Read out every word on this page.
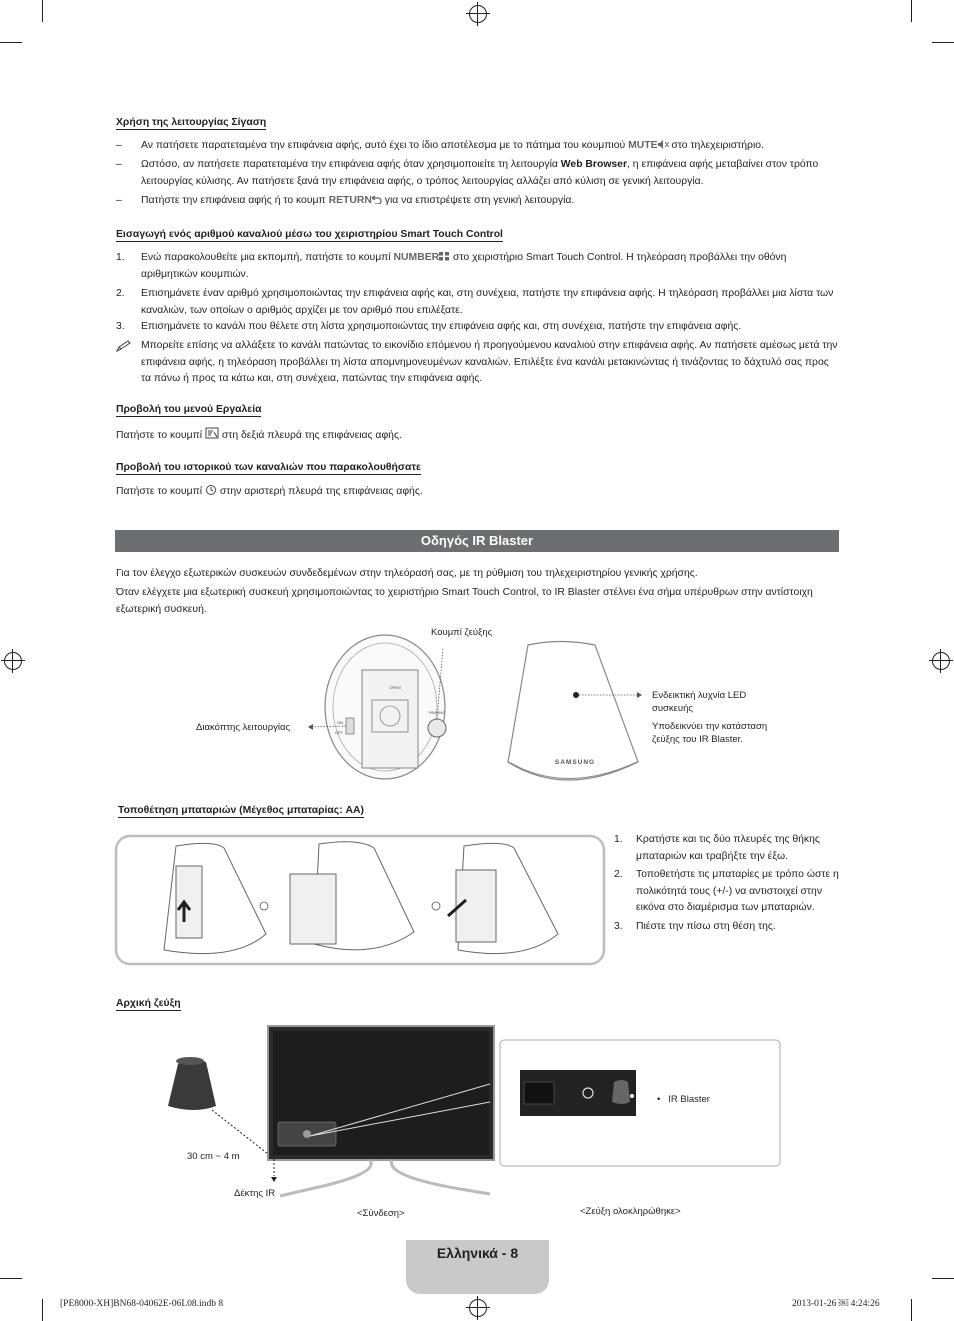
Χρήση της λειτουργίας Σίγαση
– Αν πατήσετε παρατεταμένα την επιφάνεια αφής, αυτό έχει το ίδιο αποτέλεσμα με το πάτημα του κουμπιού MUTE στο τηλεχειριστήριο.
– Ωστόσο, αν πατήσετε παρατεταμένα την επιφάνεια αφής όταν χρησιμοποιείτε τη λειτουργία Web Browser, η επιφάνεια αφής μεταβαίνει στον τρόπο λειτουργίας κύλισης. Αν πατήσετε ξανά την επιφάνεια αφής, ο τρόπος λειτουργίας αλλάζει από κύλιση σε γενική λειτουργία.
– Πατήστε την επιφάνεια αφής ή το κουμπ RETURN για να επιστρέψετε στη γενική λειτουργία.
Εισαγωγή ενός αριθμού καναλιού μέσω του χειριστηρίου Smart Touch Control
1. Ενώ παρακολουθείτε μια εκπομπή, πατήστε το κουμπί NUMBER στο χειριστήριο Smart Touch Control. Η τηλεόραση προβάλλει την οθόνη αριθμητικών κουμπιών.
2. Επισημάνετε έναν αριθμό χρησιμοποιώντας την επιφάνεια αφής και, στη συνέχεια, πατήστε την επιφάνεια αφής. Η τηλεόραση προβάλλει μια λίστα των καναλιών, των οποίων ο αριθμός αρχίζει με τον αριθμό που επιλέξατε.
3. Επισημάνετε το κανάλι που θέλετε στη λίστα χρησιμοποιώντας την επιφάνεια αφής και, στη συνέχεια, πατήστε την επιφάνεια αφής.
Μπορείτε επίσης να αλλάξετε το κανάλι πατώντας το εικονίδιο επόμενου ή προηγούμενου καναλιού στην επιφάνεια αφής. Αν πατήσετε αμέσως μετά την επιφάνεια αφής, η τηλεόραση προβάλλει τη λίστα απομνημονευμένων καναλιών. Επιλέξτε ένα κανάλι μετακινώντας ή τινάζοντας το δάχτυλό σας προς τα πάνω ή προς τα κάτω και, στη συνέχεια, πατώντας την επιφάνεια αφής.
Προβολή του μενού Εργαλεία
Πατήστε το κουμπί  στη δεξιά πλευρά της επιφάνειας αφής.
Προβολή του ιστορικού των καναλιών που παρακολουθήσατε
Πατήστε το κουμπί  στην αριστερή πλευρά της επιφάνειας αφής.
Οδηγός IR Blaster
Για τον έλεγχο εξωτερικών συσκευών συνδεδεμένων στην τηλεόρασή σας, με τη ρύθμιση του τηλεχειριστηρίου γενικής χρήσης.
Όταν ελέγχετε μια εξωτερική συσκευή χρησιμοποιώντας το χειριστήριο Smart Touch Control, το IR Blaster στέλνει ένα σήμα υπέρυθρων στην αντίστοιχη εξωτερική συσκευή.
OPEN
PAIRING
ON
OFF
SAMSUNG
Κουμπί ζεύξης
Διακόπτης λειτουργίας
Ενδεικτική λυχνία LED συσκευής
Υποδεικνύει την κατάσταση ζεύξης του IR Blaster.
Τοποθέτηση μπαταριών (Μέγεθος μπαταρίας: AA)
1. Κρατήστε και τις δύο πλευρές της θήκης μπαταριών και τραβήξτε την έξω.
2. Τοποθετήστε τις μπαταρίες με τρόπο ώστε η πολικότητά τους (+/-) να αντιστοιχεί στην εικόνα στο διαμέρισμα των μπαταριών.
3. Πιέστε την πίσω στη θέση της.
Αρχική ζεύξη
•   IR Blaster
30 cm ~ 4 m
Δέκτης IR
<Σύνδεση>	<Ζεύξη ολοκληρώθηκε>
Ελληνικά - 8
[PE8000-XH]BN68-04062E-06L08.indb 8	2013-01-26 ￼ 4:24:26
